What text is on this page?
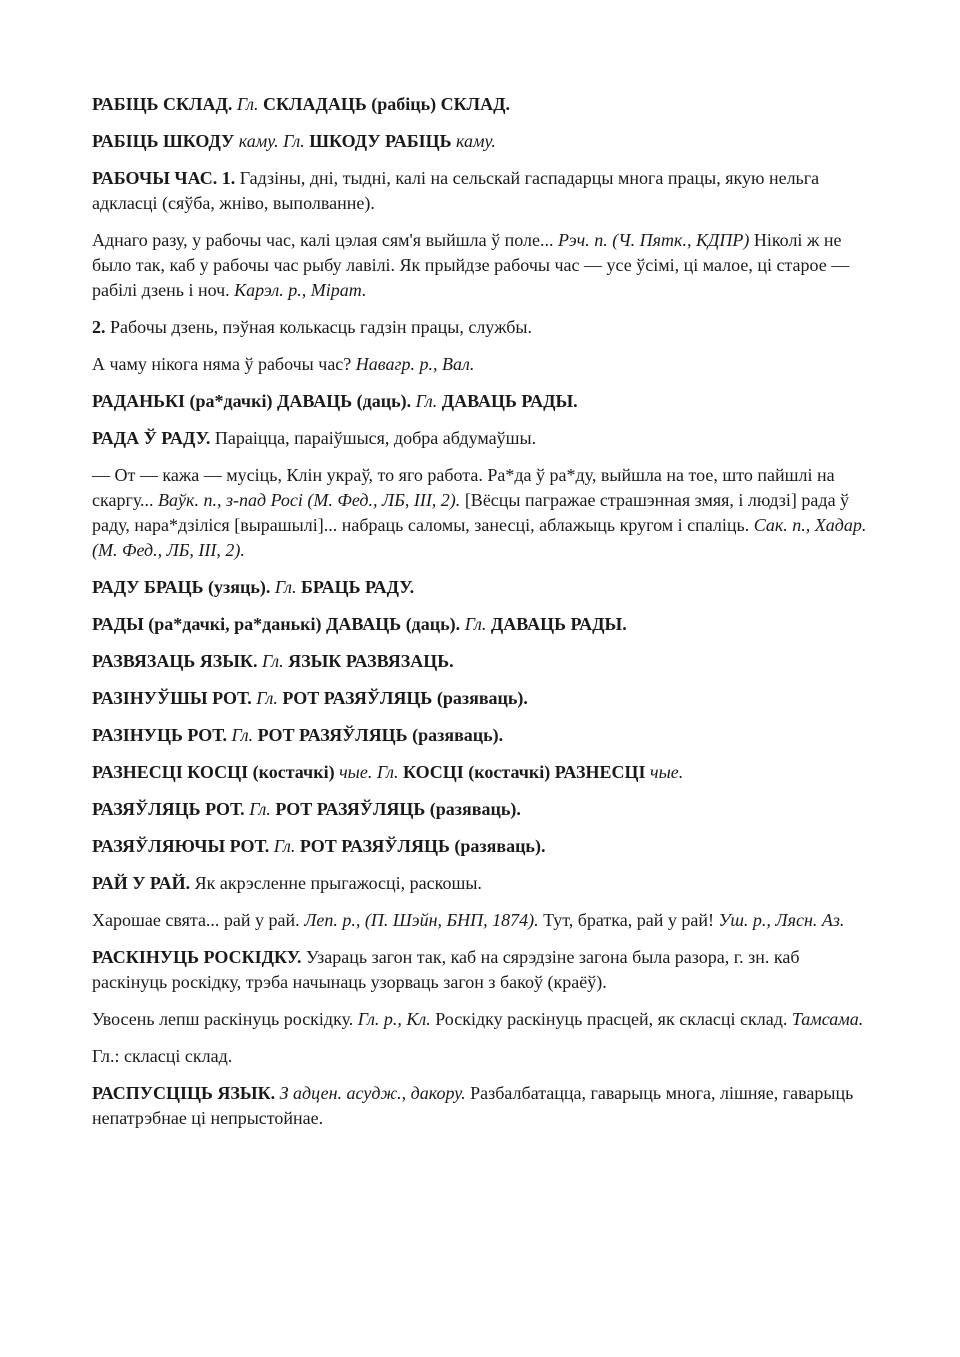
РАБІЦЬ СКЛАД. Гл. СКЛАДАЦЬ (рабіць) СКЛАД.

РАБІЦЬ ШКОДУ каму. Гл. ШКОДУ РАБІЦЬ каму.

РАБОЧЫ ЧАС. 1. Гадзіны, дні, тыдні, калі на сельскай гаспадарцы многа працы, якую нельга адкласці (сяўба, жніво, выполванне).

Аднаго разу, у рабочы час, калі цэлая сям'я выйшла ў поле... Рэч. п. (Ч. Пятк., КДПР) Ніколі ж не было так, каб у рабочы час рыбу лавілі. Як прыйдзе рабочы час — усе ўсімі, ці малое, ці старое — рабілі дзень і ноч. Карэл. р., Мірат.

2. Рабочы дзень, пэўная колькасць гадзін працы, службы.

А чаму нікога няма ў рабочы час? Навагр. р., Вал.

РАДАНЬКІ (ра*дачкі) ДАВАЦЬ (даць). Гл. ДАВАЦЬ РАДЫ.

РАДА Ў РАДУ. Параіцца, параіўшыся, добра абдумаўшы.

— От — кажа — мусіць, Клін украў, то яго работа. Ра*да ў ра*ду, выйшла на тое, што пайшлі на скаргу... Ваўк. п., з-пад Росі (М. Фед., ЛБ, III, 2). [Вёсцы пагражае страшэнная змяя, і людзі] рада ў раду, нара*дзіліся [вырашылі]... набраць саломы, занесці, аблажыць кругом і спаліць. Сак. п., Хадар. (М. Фед., ЛБ, III, 2).

РАДУ БРАЦЬ (узяць). Гл. БРАЦЬ РАДУ.

РАДЫ (ра*дачкі, ра*данькі) ДАВАЦЬ (даць). Гл. ДАВАЦЬ РАДЫ.

РАЗВЯЗАЦЬ ЯЗЫК. Гл. ЯЗЫК РАЗВЯЗАЦЬ.

РАЗІНУЎШЫ РОТ. Гл. РОТ РАЗЯЎЛЯЦЬ (разяваць).

РАЗІНУЦЬ РОТ. Гл. РОТ РАЗЯЎЛЯЦЬ (разяваць).

РАЗНЕСЦІ КОСЦІ (костачкі) чые. Гл. КОСЦІ (костачкі) РАЗНЕСЦІ чые.

РАЗЯЎЛЯЦЬ РОТ. Гл. РОТ РАЗЯЎЛЯЦЬ (разяваць).

РАЗЯЎЛЯЮЧЫ РОТ. Гл. РОТ РАЗЯЎЛЯЦЬ (разяваць).

РАЙ У РАЙ. Як акрэсленне прыгажосці, раскошы.

Харошае свята... рай у рай. Леп. р., (П. Шэйн, БНП, 1874). Тут, братка, рай у рай! Уш. р., Лясн. Аз.

РАСКІНУЦЬ РОСКІДКУ. Узараць загон так, каб на сярэдзіне загона была разора, г. зн. каб раскінуць роскідку, трэба начынаць узорваць загон з бакоў (краёў).

Увосень лепш раскінуць роскідку. Гл. р., Кл. Роскідку раскінуць прасцей, як скласці склад. Тамсама.

Гл.: скласці склад.

РАСПУСЦІЦЬ ЯЗЫК. З адцен. асудж., дакору. Разбалбатацца, гаварыць многа, лішняе, гаварыць непатрэбнае ці непрыстойнае.
